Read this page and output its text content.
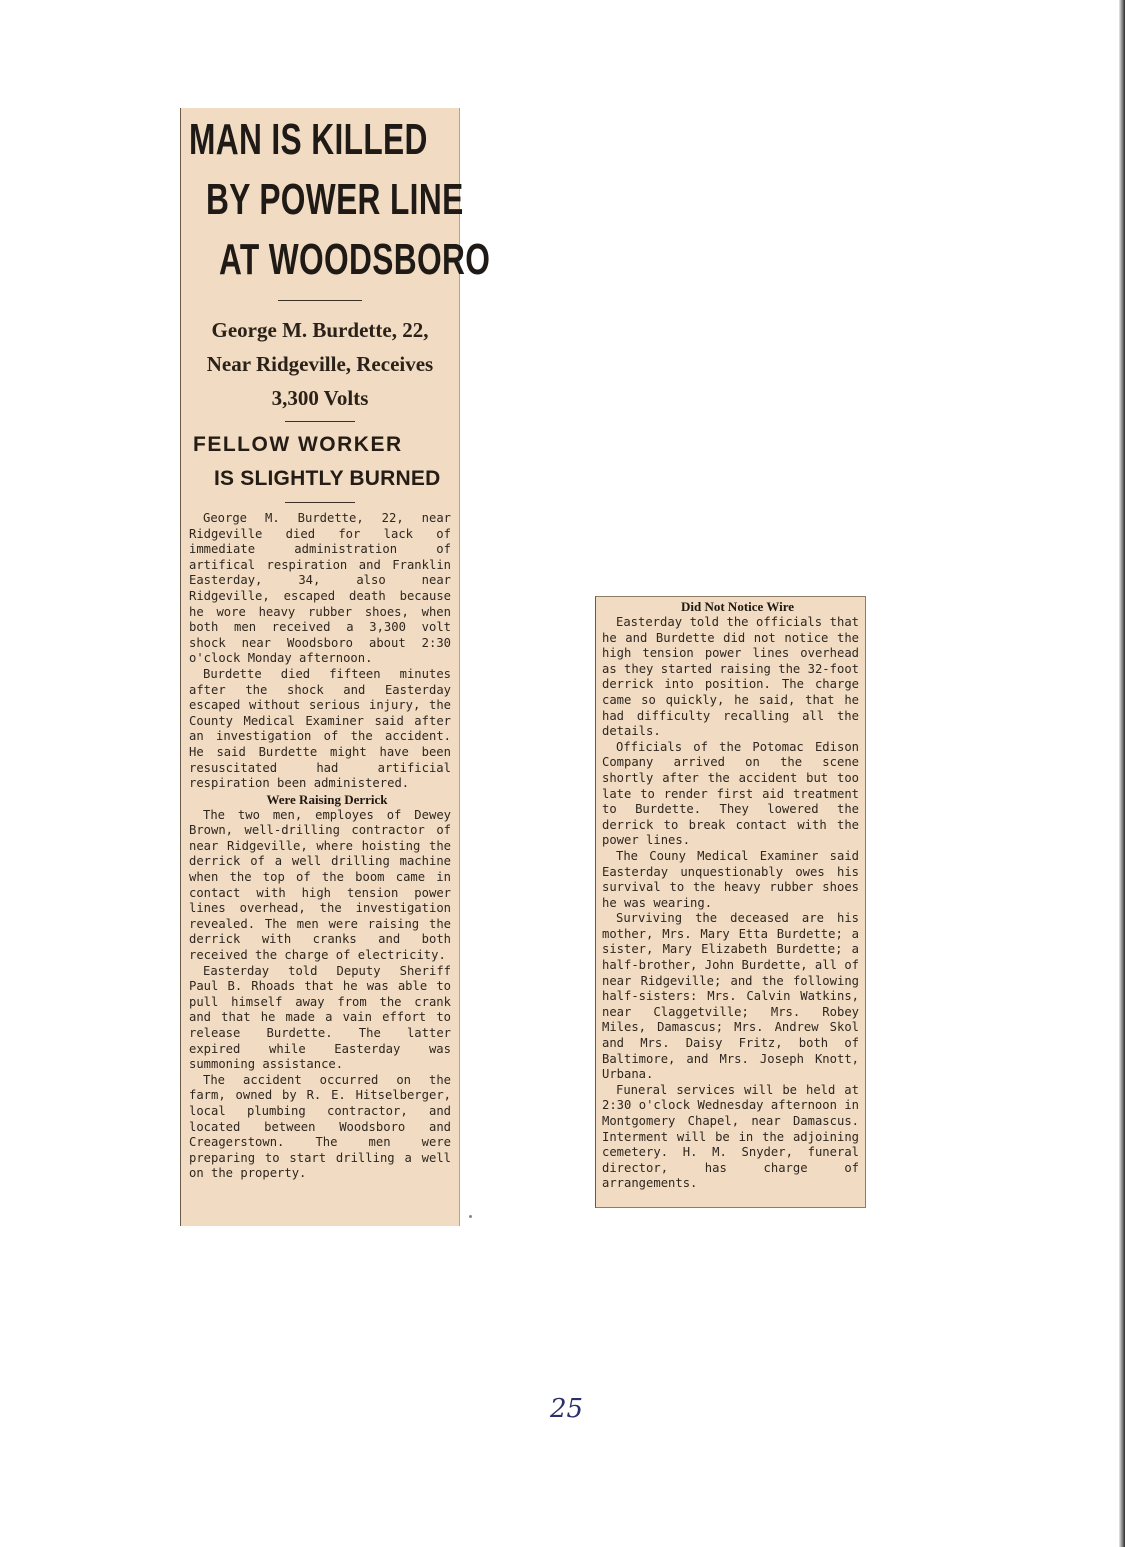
MAN IS KILLED
BY POWER LINE
AT WOODSBORO

George M. Burdette, 22,

Near Ridgeville, Receives

3,300 Volts

FELLOW WORKER

IS SLIGHTLY BURNED

George M. Burdette, 22, near Ridgeville died for lack of immediate administration of artifical respiration and Franklin Easterday, 34, also near Ridgeville, escaped death because he wore heavy rubber shoes, when both men received a 3,300 volt shock near Woodsboro about 2:30 o'clock Monday afternoon.

Burdette died fifteen minutes after the shock and Easterday escaped without serious injury, the County Medical Examiner said after an investigation of the accident. He said Burdette might have been resuscitated had artificial respiration been administered.

Were Raising Derrick

The two men, employes of Dewey Brown, well-drilling contractor of near Ridgeville, where hoisting the derrick of a well drilling machine when the top of the boom came in contact with high tension power lines overhead, the investigation revealed. The men were raising the derrick with cranks and both received the charge of electricity.

Easterday told Deputy Sheriff Paul B. Rhoads that he was able to pull himself away from the crank and that he made a vain effort to release Burdette. The latter expired while Easterday was summoning assistance.

The accident occurred on the farm, owned by R. E. Hitselberger, local plumbing contractor, and located between Woodsboro and Creagerstown. The men were preparing to start drilling a well on the property.

Did Not Notice Wire

Easterday told the officials that he and Burdette did not notice the high tension power lines overhead as they started raising the 32-foot derrick into position. The charge came so quickly, he said, that he had difficulty recalling all the details.

Officials of the Potomac Edison Company arrived on the scene shortly after the accident but too late to render first aid treatment to Burdette. They lowered the derrick to break contact with the power lines.

The Couny Medical Examiner said Easterday unquestionably owes his survival to the heavy rubber shoes he was wearing.

Surviving the deceased are his mother, Mrs. Mary Etta Burdette; a sister, Mary Elizabeth Burdette; a half-brother, John Burdette, all of near Ridgeville; and the following half-sisters: Mrs. Calvin Watkins, near Claggetville; Mrs. Robey Miles, Damascus; Mrs. Andrew Skol and Mrs. Daisy Fritz, both of Baltimore, and Mrs. Joseph Knott, Urbana.

Funeral services will be held at 2:30 o'clock Wednesday afternoon in Montgomery Chapel, near Damascus. Interment will be in the adjoining cemetery. H. M. Snyder, funeral director, has charge of arrangements.

25
